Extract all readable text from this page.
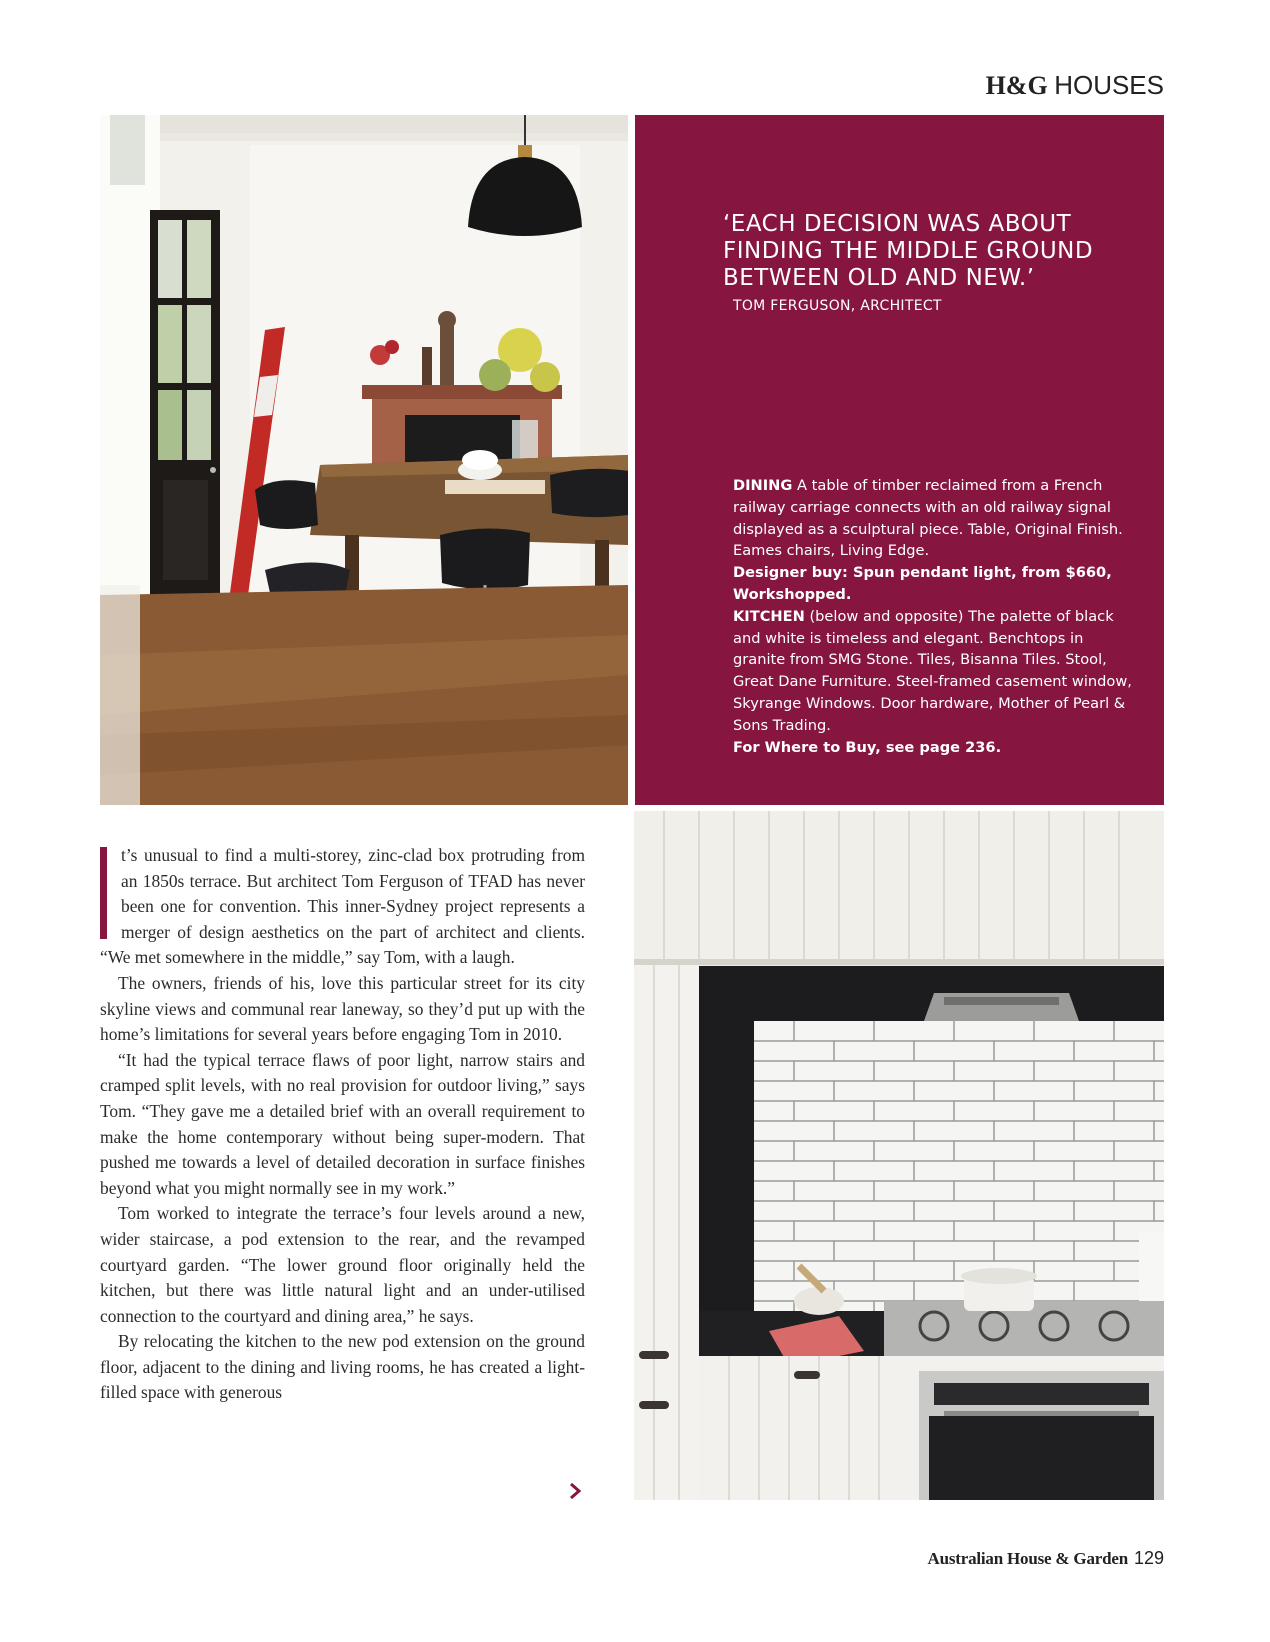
H&G HOUSES

‘EACH DECISION WAS ABOUT FINDING THE MIDDLE GROUND BETWEEN OLD AND NEW.’

TOM FERGUSON, ARCHITECT
DINING A table of timber reclaimed from a French railway carriage connects with an old railway signal displayed as a sculptural piece. Table, Original Finish. Eames chairs, Living Edge.
Designer buy: Spun pendant light, from $660, Workshopped.
KITCHEN (below and opposite) The palette of black and white is timeless and elegant. Benchtops in granite from SMG Stone. Tiles, Bisanna Tiles. Stool, Great Dane Furniture. Steel-framed casement window, Skyrange Windows. Door hardware, Mother of Pearl & Sons Trading.
For Where to Buy, see page 236.

t’s unusual to find a multi-storey, zinc-clad box protruding from an 1850s terrace. But architect Tom Ferguson of TFAD has never been one for convention. This inner-Sydney project represents a merger of design aesthetics on the part of architect and clients. “We met somewhere in the middle,” say Tom, with a laugh.

The owners, friends of his, love this particular street for its city skyline views and communal rear laneway, so they’d put up with the home’s limitations for several years before engaging Tom in 2010.

“It had the typical terrace flaws of poor light, narrow stairs and cramped split levels, with no real provision for outdoor living,” says Tom. “They gave me a detailed brief with an overall requirement to make the home contemporary without being super-modern. That pushed me towards a level of detailed decoration in surface finishes beyond what you might normally see in my work.”

Tom worked to integrate the terrace’s four levels around a new, wider staircase, a pod extension to the rear, and the revamped courtyard garden. “The lower ground floor originally held the kitchen, but there was little natural light and an under-utilised connection to the courtyard and dining area,” he says.

By relocating the kitchen to the new pod extension on the ground floor, adjacent to the dining and living rooms, he has created a light-filled space with generous

Australian House & Garden 129
